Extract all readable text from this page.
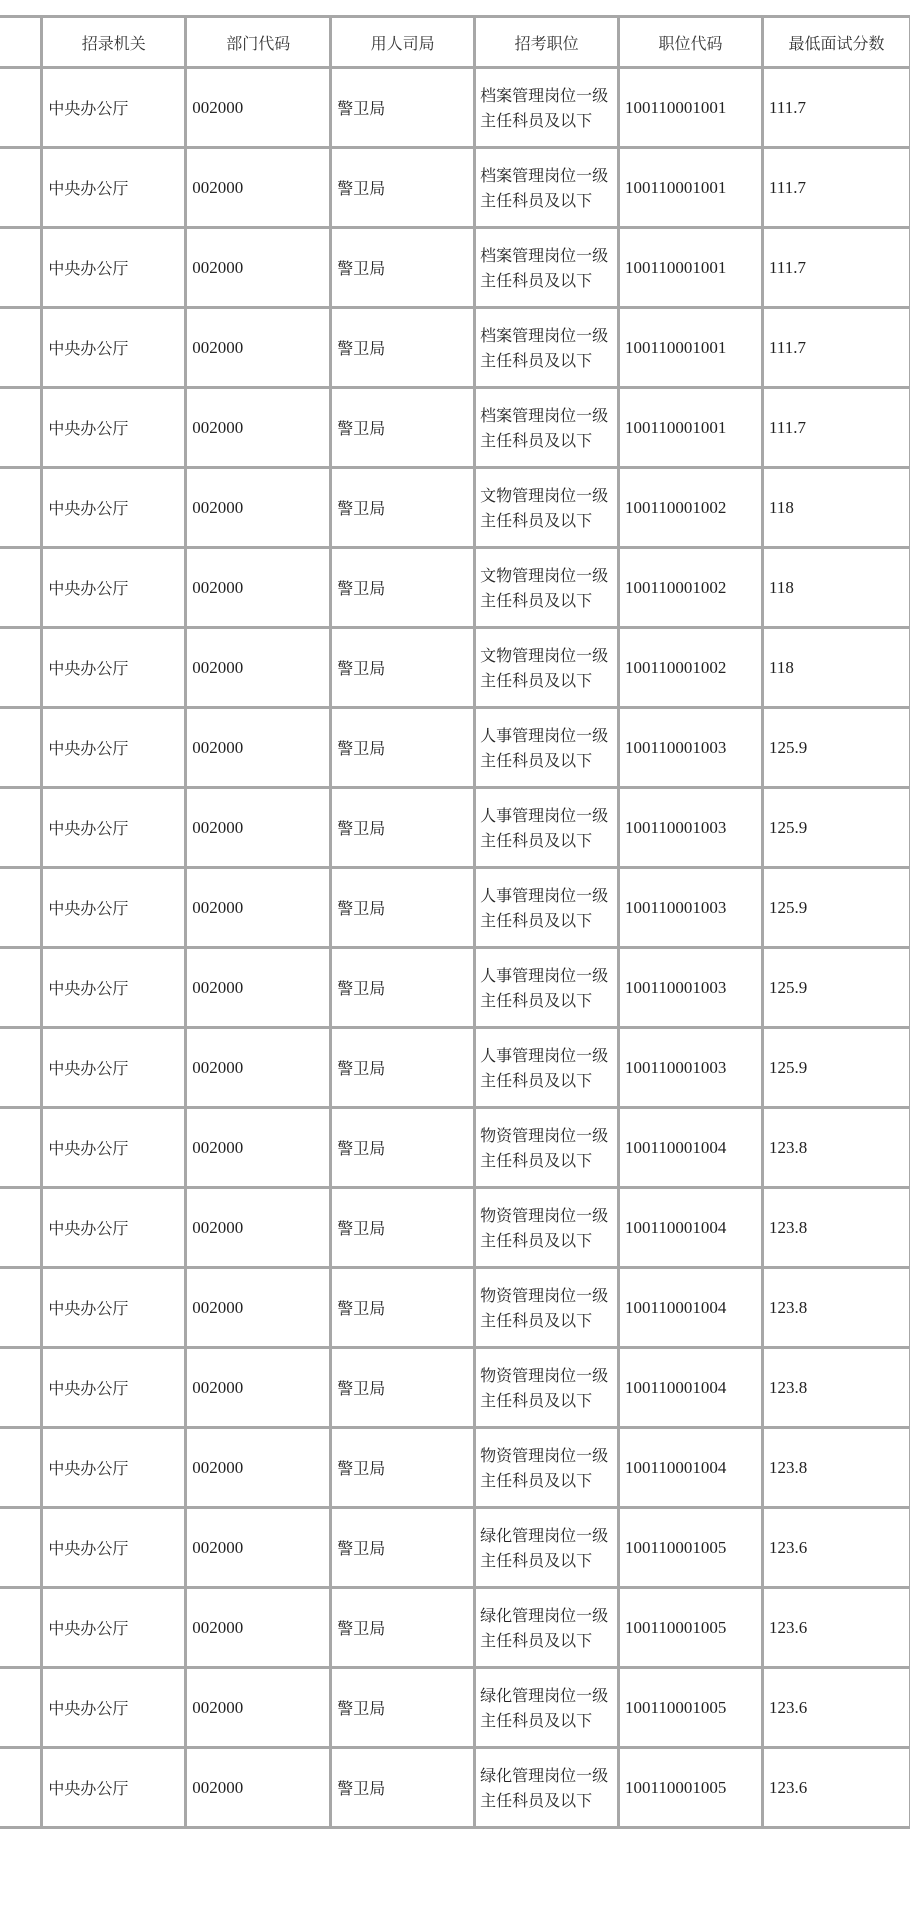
	招录机关	部门代码	用人司局	招考职位	职位代码	最低面试分数
	中央办公厅	002000	警卫局	档案管理岗位一级主任科员及以下	100110001001	111.7
	中央办公厅	002000	警卫局	档案管理岗位一级主任科员及以下	100110001001	111.7
	中央办公厅	002000	警卫局	档案管理岗位一级主任科员及以下	100110001001	111.7
	中央办公厅	002000	警卫局	档案管理岗位一级主任科员及以下	100110001001	111.7
	中央办公厅	002000	警卫局	档案管理岗位一级主任科员及以下	100110001001	111.7
	中央办公厅	002000	警卫局	文物管理岗位一级主任科员及以下	100110001002	118
	中央办公厅	002000	警卫局	文物管理岗位一级主任科员及以下	100110001002	118
	中央办公厅	002000	警卫局	文物管理岗位一级主任科员及以下	100110001002	118
	中央办公厅	002000	警卫局	人事管理岗位一级主任科员及以下	100110001003	125.9
	中央办公厅	002000	警卫局	人事管理岗位一级主任科员及以下	100110001003	125.9
	中央办公厅	002000	警卫局	人事管理岗位一级主任科员及以下	100110001003	125.9
	中央办公厅	002000	警卫局	人事管理岗位一级主任科员及以下	100110001003	125.9
	中央办公厅	002000	警卫局	人事管理岗位一级主任科员及以下	100110001003	125.9
	中央办公厅	002000	警卫局	物资管理岗位一级主任科员及以下	100110001004	123.8
	中央办公厅	002000	警卫局	物资管理岗位一级主任科员及以下	100110001004	123.8
	中央办公厅	002000	警卫局	物资管理岗位一级主任科员及以下	100110001004	123.8
	中央办公厅	002000	警卫局	物资管理岗位一级主任科员及以下	100110001004	123.8
	中央办公厅	002000	警卫局	物资管理岗位一级主任科员及以下	100110001004	123.8
	中央办公厅	002000	警卫局	绿化管理岗位一级主任科员及以下	100110001005	123.6
	中央办公厅	002000	警卫局	绿化管理岗位一级主任科员及以下	100110001005	123.6
	中央办公厅	002000	警卫局	绿化管理岗位一级主任科员及以下	100110001005	123.6
	中央办公厅	002000	警卫局	绿化管理岗位一级主任科员及以下	100110001005	123.6
